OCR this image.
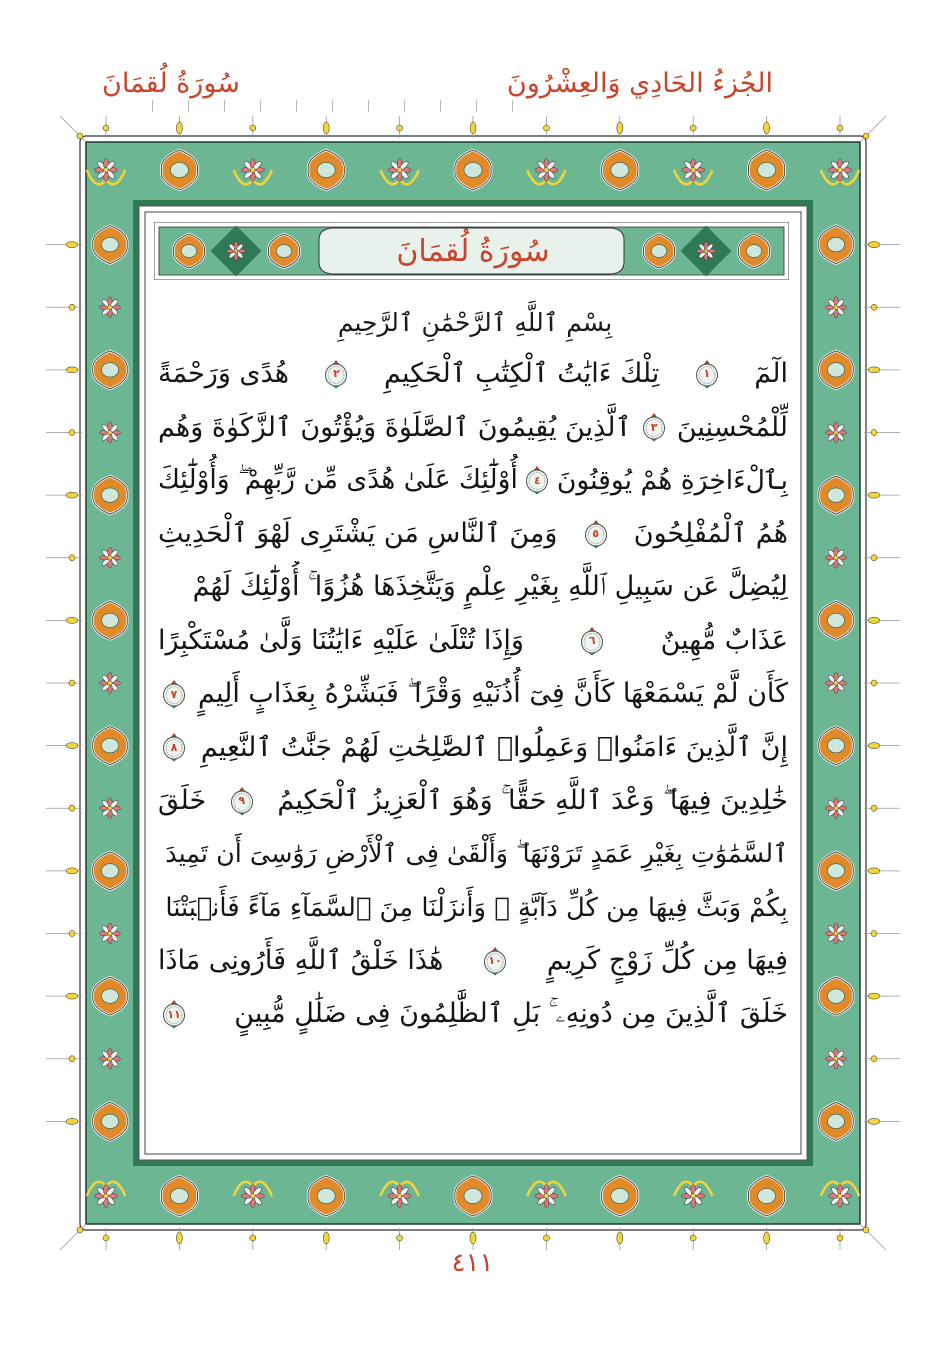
الجُزءُ الحَادِي وَالعِشْرُونَ
سُورَةُ لُقمَانَ
سُورَةُ لُقمَانَ
بِسْمِ ٱللَّهِ ٱلرَّحْمَٰنِ ٱلرَّحِيمِ
الٓمٓ
١
تِلْكَ ءَايَٰتُ ٱلْكِتَٰبِ ٱلْحَكِيمِ
٢
هُدًى وَرَحْمَةً
لِّلْمُحْسِنِينَ
٣
ٱلَّذِينَ يُقِيمُونَ ٱلصَّلَوٰةَ وَيُؤْتُونَ ٱلزَّكَوٰةَ وَهُم
بِٱلْءَاخِرَةِ هُمْ يُوقِنُونَ
٤
أُوْلَٰٓئِكَ عَلَىٰ هُدًى مِّن رَّبِّهِمْ ۖ وَأُوْلَٰٓئِكَ
هُمُ ٱلْمُفْلِحُونَ
٥
وَمِنَ ٱلنَّاسِ مَن يَشْتَرِى لَهْوَ ٱلْحَدِيثِ
لِيُضِلَّ عَن سَبِيلِ ٱللَّهِ بِغَيْرِ عِلْمٍ وَيَتَّخِذَهَا هُزُوًا ۚ أُوْلَٰٓئِكَ لَهُمْ
عَذَابٌ مُّهِينٌ
٦
وَإِذَا تُتْلَىٰ عَلَيْهِ ءَايَٰتُنَا وَلَّىٰ مُسْتَكْبِرًا
كَأَن لَّمْ يَسْمَعْهَا كَأَنَّ فِىٓ أُذُنَيْهِ وَقْرًا ۖ فَبَشِّرْهُ بِعَذَابٍ أَلِيمٍ
٧
إِنَّ ٱلَّذِينَ ءَامَنُوا۟ وَعَمِلُوا۟ ٱلصَّٰلِحَٰتِ لَهُمْ جَنَّٰتُ ٱلنَّعِيمِ
٨
خَٰلِدِينَ فِيهَا ۖ وَعْدَ ٱللَّهِ حَقًّا ۚ وَهُوَ ٱلْعَزِيزُ ٱلْحَكِيمُ
٩
خَلَقَ
ٱلسَّمَٰوَٰتِ بِغَيْرِ عَمَدٍ تَرَوْنَهَا ۖ وَأَلْقَىٰ فِى ٱلْأَرْضِ رَوَٰسِىَ أَن تَمِيدَ
بِكُمْ وَبَثَّ فِيهَا مِن كُلِّ دَآبَّةٍ ۚ وَأَنزَلْنَا مِنَ ٱلسَّمَآءِ مَآءً فَأَنۢبَتْنَا
فِيهَا مِن كُلِّ زَوْجٍ كَرِيمٍ
١٠
هَٰذَا خَلْقُ ٱللَّهِ فَأَرُونِى مَاذَا
خَلَقَ ٱلَّذِينَ مِن دُونِهِۦ ۚ بَلِ ٱلظَّٰلِمُونَ فِى ضَلَٰلٍ مُّبِينٍ
١١
٤١١
